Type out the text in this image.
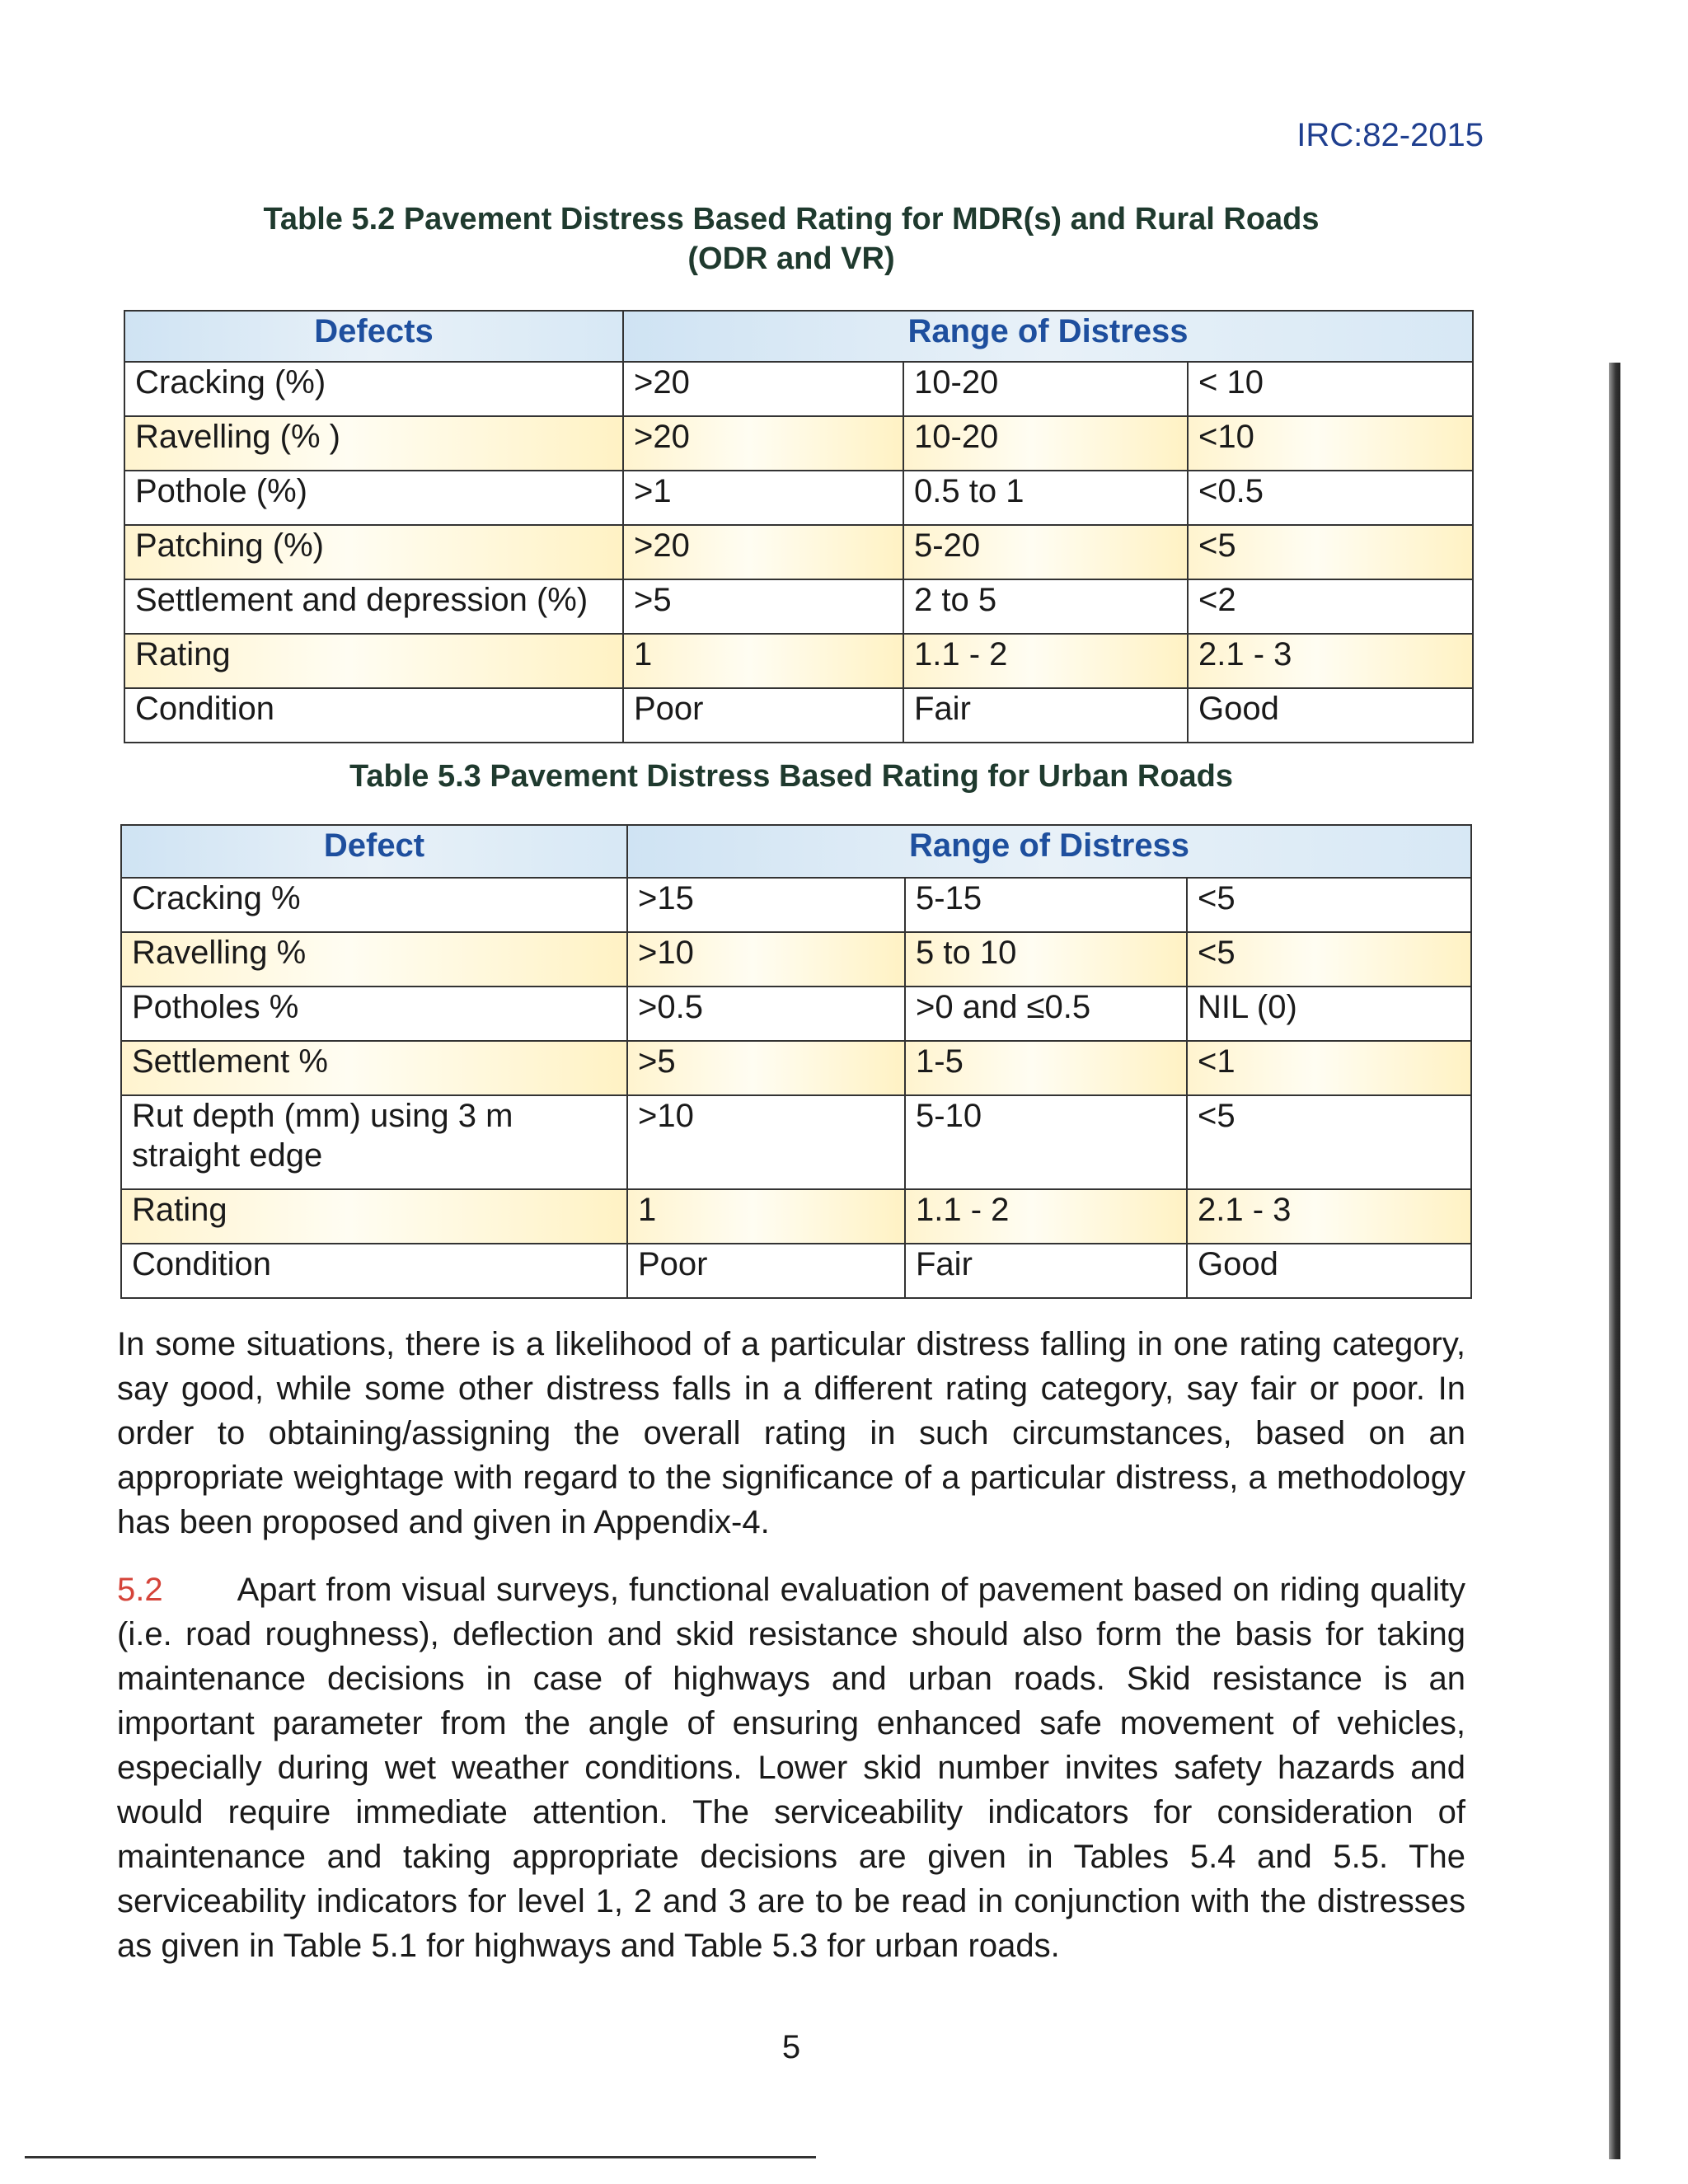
IRC:82-2015
Table 5.2 Pavement Distress Based Rating for MDR(s) and Rural Roads
(ODR and VR)
Defects	Range of Distress		
Cracking (%)	>20	10-20	< 10
Ravelling (% )	>20	10-20	<10
Pothole (%)	>1	0.5 to 1	<0.5
Patching (%)	>20	5-20	<5
Settlement and depression (%)	>5	2 to 5	<2
Rating	1	1.1 - 2	2.1 - 3
Condition	Poor	Fair	Good
Table 5.3 Pavement Distress Based Rating for Urban Roads
Defect	Range of Distress		
Cracking %	>15	5-15	<5
Ravelling %	>10	5 to 10	<5
Potholes %	>0.5	>0 and ≤0.5	NIL (0)
Settlement %	>5	1-5	<1
Rut depth (mm) using 3 m straight edge	>10	5-10	<5
Rating	1	1.1 - 2	2.1 - 3
Condition	Poor	Fair	Good
In some situations, there is a likelihood of a particular distress falling in one rating category, say good, while some other distress falls in a different rating category, say fair or poor. In order to obtaining/assigning the overall rating in such circumstances, based on an appropriate weightage with regard to the significance of a particular distress, a methodology has been proposed and given in Appendix-4.
5.2 Apart from visual surveys, functional evaluation of pavement based on riding quality (i.e. road roughness), deflection and skid resistance should also form the basis for taking maintenance decisions in case of highways and urban roads. Skid resistance is an important parameter from the angle of ensuring enhanced safe movement of vehicles, especially during wet weather conditions. Lower skid number invites safety hazards and would require immediate attention. The serviceability indicators for consideration of maintenance and taking appropriate decisions are given in Tables 5.4 and 5.5. The serviceability indicators for level 1, 2 and 3 are to be read in conjunction with the distresses as given in Table 5.1 for highways and Table 5.3 for urban roads.
5
